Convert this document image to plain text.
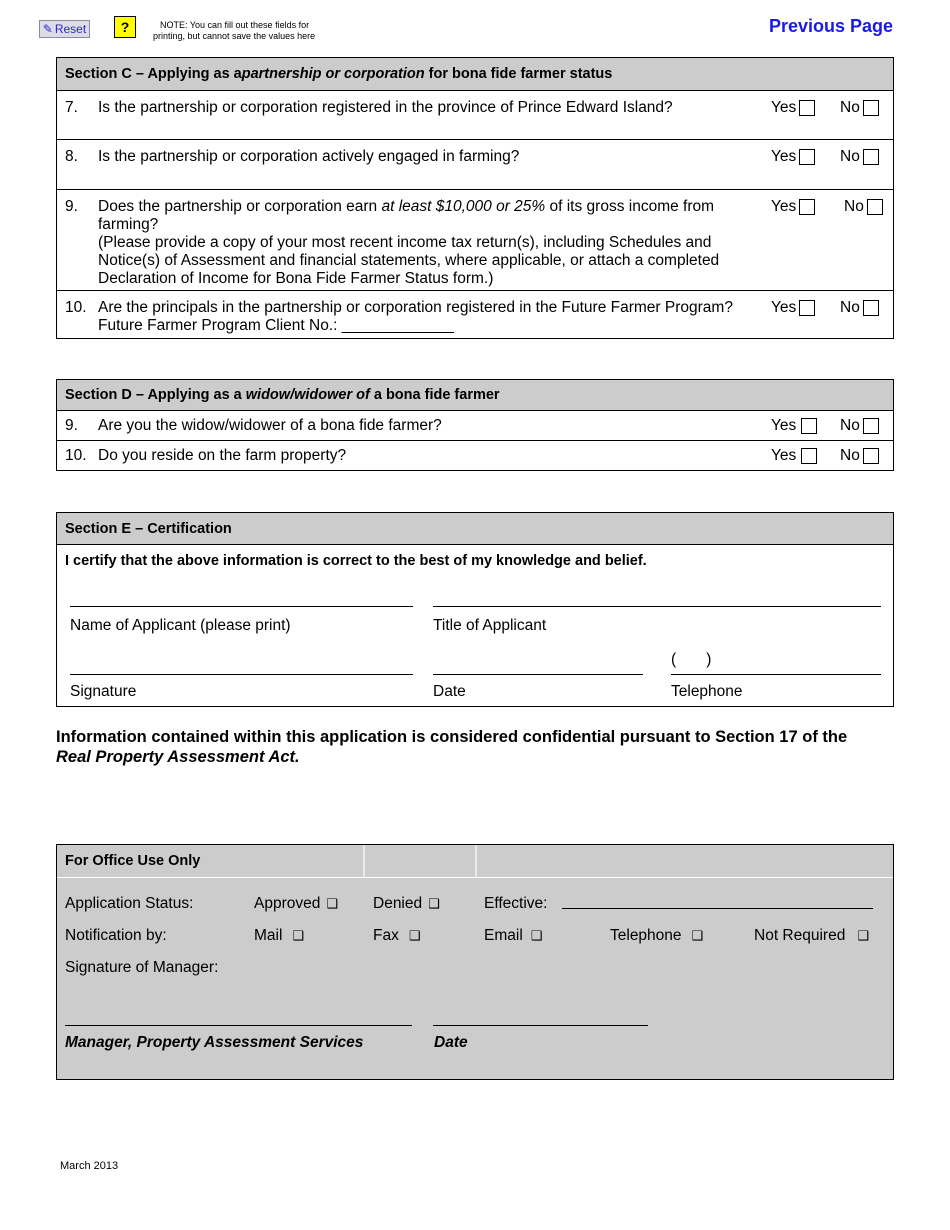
✎ Reset ?	NOTE: You can fill out these fields for
printing, but cannot save the values here	Previous Page
Section C – Applying as a partnership or corporation for bona fide farmer status
7. Is the partnership or corporation registered in the province of Prince Edward Island?	Yes	No
8. Is the partnership or corporation actively engaged in farming?	Yes	No
9. Does the partnership or corporation earn at least $10,000 or 25% of its gross income from farming?
(Please provide a copy of your most recent income tax return(s), including Schedules and Notice(s) of Assessment and financial statements, where applicable, or attach a completed Declaration of Income for Bona Fide Farmer Status form.)
Yes	No
10. Are the principals in the partnership or corporation registered in the Future Farmer Program?
Future Farmer Program Client No.: _____________
Yes	No
Section D – Applying as a widow/widower of a bona fide farmer
9. Are you the widow/widower of a bona fide farmer?	Yes	No
10. Do you reside on the farm property?	Yes	No
Section E – Certification
I certify that the above information is correct to the best of my knowledge and belief.
Name of Applicant (please print)	Title of Applicant
(       )
Signature	Date	Telephone
Information contained within this application is considered confidential pursuant to Section 17 of the
Real Property Assessment Act.
For Office Use Only
Application Status:	Approved ❑ Denied ❑	Effective:
Notification by:	Mail ❑	Fax ❑	Email ❑	Telephone ❑	Not Required ❑
Signature of Manager:
Manager, Property Assessment Services	Date
March 2013
